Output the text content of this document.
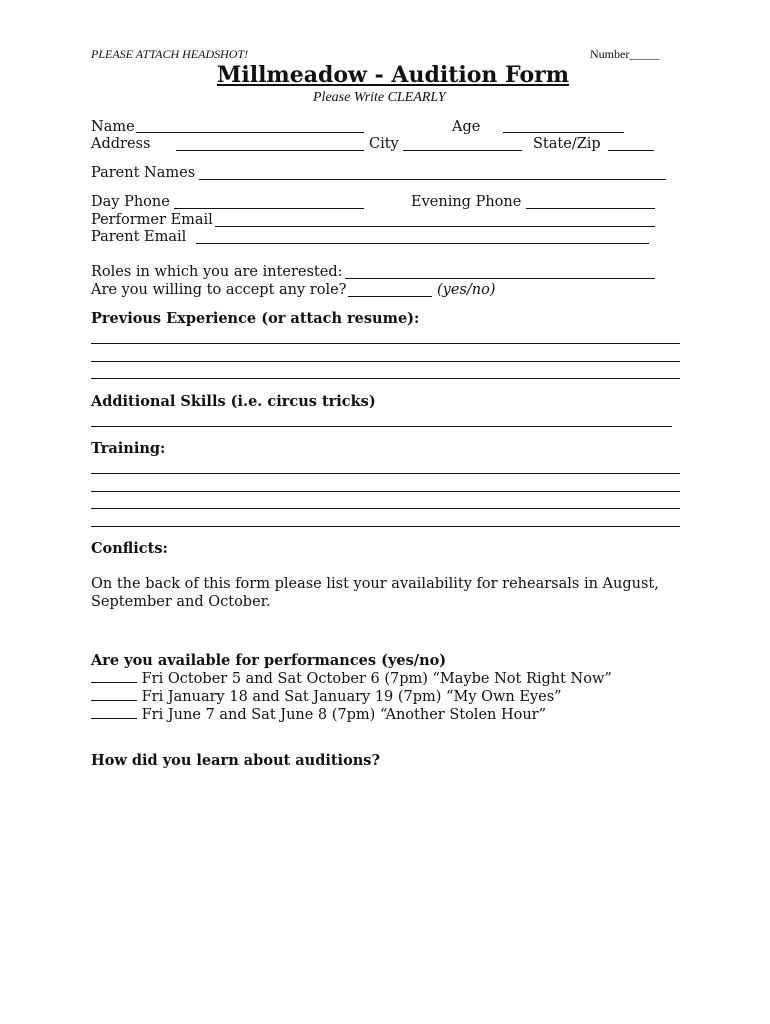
PLEASE ATTACH HEADSHOT!	Number_____
Millmeadow - Audition Form
Please Write CLEARLY
Name	Age
Address	City	State/Zip
Parent Names
Day Phone	Evening Phone
Performer Email
Parent Email
Roles in which you are interested:
Are you willing to accept any role?	(yes/no)
Previous Experience (or attach resume):
Additional Skills (i.e. circus tricks)
Training:
Conflicts:
On the back of this form please list your availability for rehearsals in August, September and October.
Are you available for performances (yes/no)
Fri October 5 and Sat October 6 (7pm) “Maybe Not Right Now”
Fri January 18 and Sat January 19 (7pm) “My Own Eyes”
Fri June 7 and Sat June 8 (7pm) “Another Stolen Hour”
How did you learn about auditions?
